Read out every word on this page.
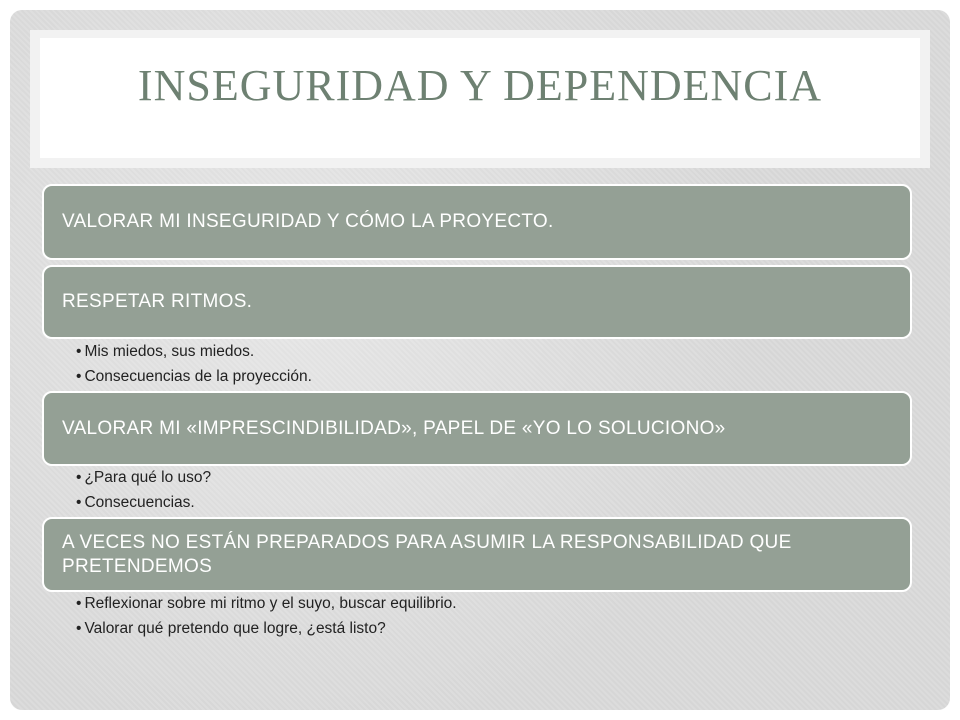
INSEGURIDAD Y DEPENDENCIA
VALORAR MI INSEGURIDAD Y CÓMO LA PROYECTO.
RESPETAR RITMOS.
• Mis miedos, sus miedos.
• Consecuencias de la proyección.
VALORAR MI «IMPRESCINDIBILIDAD», PAPEL DE «YO LO SOLUCIONO»
• ¿Para qué lo uso?
• Consecuencias.
A VECES NO ESTÁN PREPARADOS PARA ASUMIR LA RESPONSABILIDAD QUE PRETENDEMOS
• Reflexionar sobre mi ritmo y el suyo, buscar equilibrio.
• Valorar qué pretendo que logre, ¿está listo?
